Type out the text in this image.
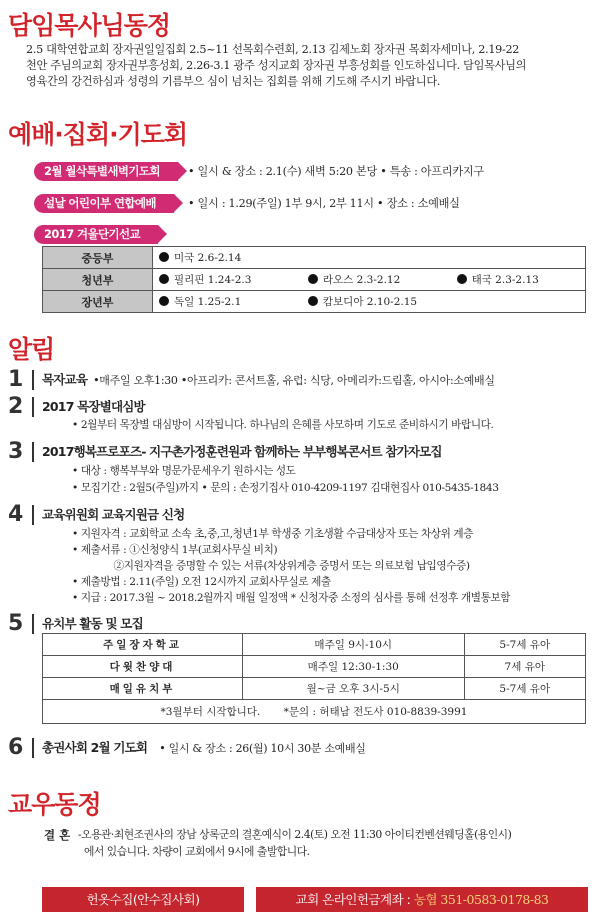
담임목사님동정
2.5 대학연합교회 장자권일일집회 2.5~11 선목회수련회, 2.13 김제노회 장자권 목회자세미나, 2.19-22
천안 주님의교회 장자권부흥성회, 2.26-3.1 광주 성지교회 장자권 부흥성회를 인도하십니다. 담임목사님의
영육간의 강건하심과 성령의 기름부으 심이 넘치는 집회를 위해 기도해 주시기 바랍니다.
예배·집회·기도회
2월 월삭특별새벽기도회	• 일시 & 장소 : 2.1(수) 새벽 5:20 본당 • 특송 : 아프리카지구
설날 어린이부 연합예배	• 일시 : 1.29(주일) 1부 9시, 2부 11시 • 장소 : 소예배실
2017 겨울단기선교
중등부	미국 2.6-2.14		
청년부	필리핀 1.24-2.3	라오스 2.3-2.12	태국 2.3-2.13
장년부	독일 1.25-2.1	캄보디아 2.10-2.15	
알림
1	목자교육 •매주일 오후1:30 •아프리카: 콘서트홀, 유럽: 식당, 아메리카:드림홀, 아시아:소예배실
2	2017 목장별대심방
• 2월부터 목장별 대심방이 시작됩니다. 하나님의 은혜를 사모하며 기도로 준비하시기 바랍니다.
3	2017행복프로포즈- 지구촌가정훈련원과 함께하는 부부행복콘서트 참가자모집
• 대상 : 행복부부와 명문가문세우기 원하시는 성도
• 모집기간 : 2월5(주일)까지 • 문의 : 손정기집사 010-4209-1197 김대현집사 010-5435-1843
4	교육위원회 교육지원금 신청
• 지원자격 : 교회학교 소속 초,중,고,청년1부 학생중 기초생활 수급대상자 또는 차상위 계층
• 제출서류 : ①신청양식 1부(교회사무실 비치)
②지원자격을 증명할 수 있는 서류(차상위계층 증명서 또는 의료보험 납입영수증)
• 제출방법 : 2.11(주일) 오전 12시까지 교회사무실로 제출
• 지급 : 2017.3월 ~ 2018.2월까지 매월 일정액 * 신청자중 소정의 심사를 통해 선정후 개별통보함
5	유치부 활동 및 모집
주일장자학교	매주일 9시-10시	5-7세 유아
다윗찬양대	매주일 12:30-1:30	7세 유아
매일유치부	월~금 오후 3시-5시	5-7세 유아
*3월부터 시작합니다.       *문의 : 허태남 전도사 010-8839-3991		
6	총권사회 2월 기도회 • 일시 & 장소 : 26(월) 10시 30분 소예배실
교우동정
결 혼 -오용관·최현조권사의 장남 상록군의 결혼예식이 2.4(토) 오전 11:30 아이티컨벤션웨딩홀(용인시)
에서 있습니다. 차량이 교회에서 9시에 출발합니다.
헌옷수집(안수집사회)	교회 온라인헌금계좌 : 농협 351-0583-0178-83
